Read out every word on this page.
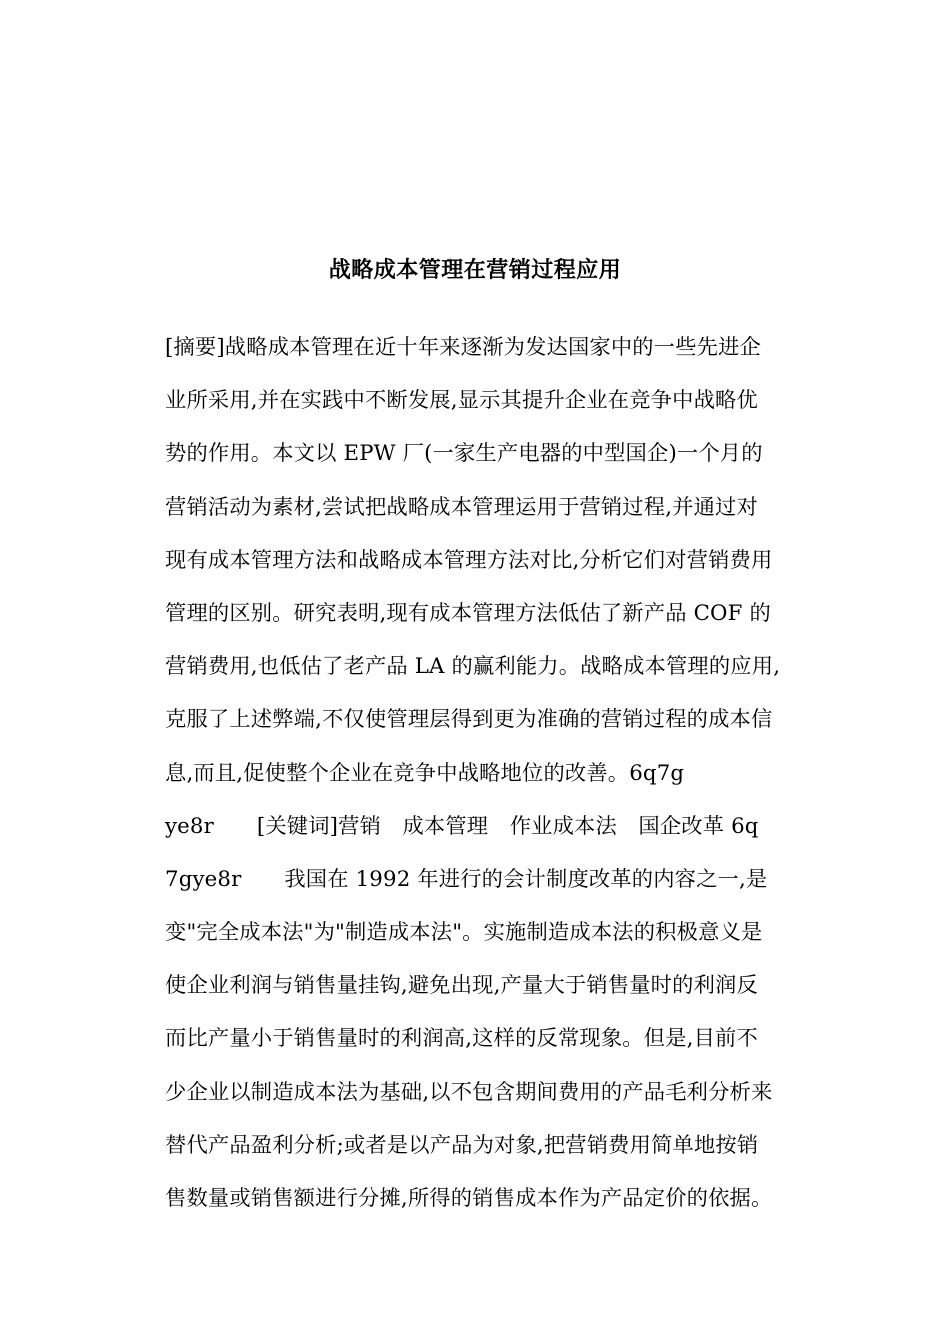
战略成本管理在营销过程应用
[摘要]战略成本管理在近十年来逐渐为发达国家中的一些先进企
业所采用,并在实践中不断发展,显示其提升企业在竞争中战略优
势的作用。本文以 EPW 厂(一家生产电器的中型国企)一个月的
营销活动为素材,尝试把战略成本管理运用于营销过程,并通过对
现有成本管理方法和战略成本管理方法对比,分析它们对营销费用
管理的区别。研究表明,现有成本管理方法低估了新产品 COF 的
营销费用,也低估了老产品 LA 的赢利能力。战略成本管理的应用,
克服了上述弊端,不仅使管理层得到更为准确的营销过程的成本信
息,而且,促使整个企业在竞争中战略地位的改善。6q7g
ye8r  [关键词]营销 成本管理 作业成本法 国企改革 6q
7gye8r  我国在 1992 年进行的会计制度改革的内容之一,是
变"完全成本法"为"制造成本法"。实施制造成本法的积极意义是
使企业利润与销售量挂钩,避免出现,产量大于销售量时的利润反
而比产量小于销售量时的利润高,这样的反常现象。但是,目前不
少企业以制造成本法为基础,以不包含期间费用的产品毛利分析来
替代产品盈利分析;或者是以产品为对象,把营销费用简单地按销
售数量或销售额进行分摊,所得的销售成本作为产品定价的依据。
